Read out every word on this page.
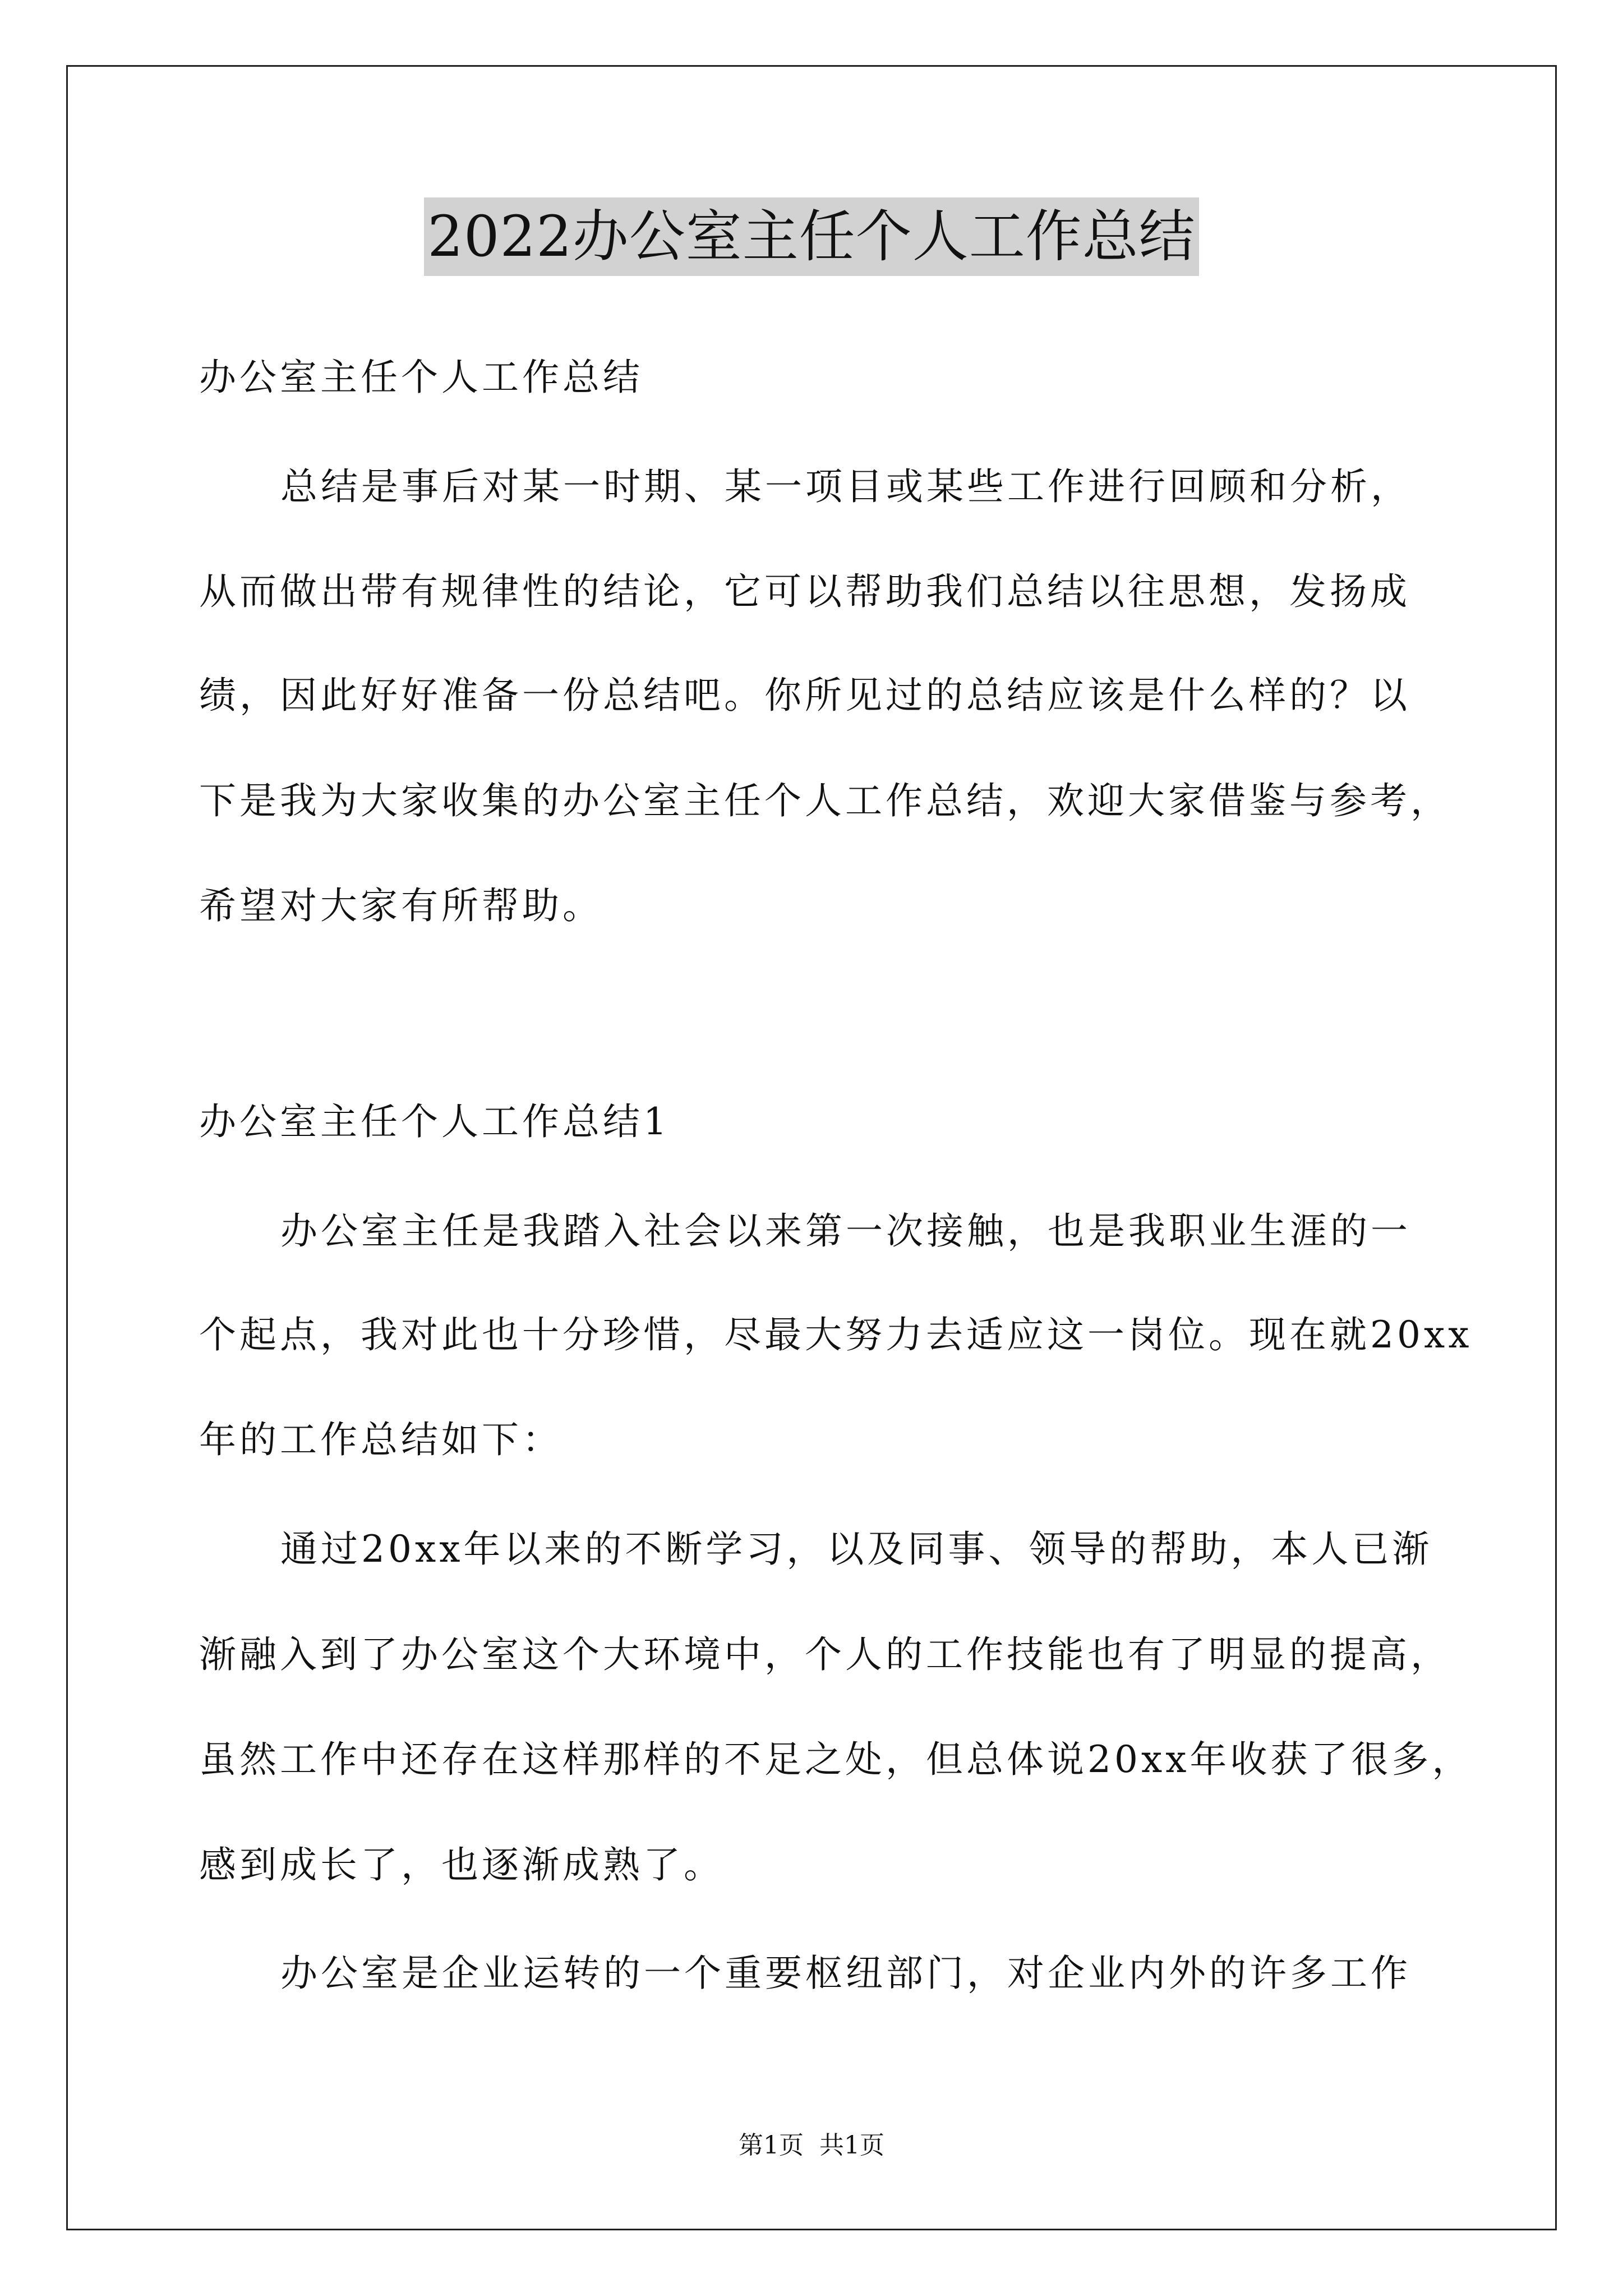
2022办公室主任个人工作总结
办公室主任个人工作总结
总结是事后对某一时期、某一项目或某些工作进行回顾和分析，
从而做出带有规律性的结论，它可以帮助我们总结以往思想，发扬成
绩，因此好好准备一份总结吧。你所见过的总结应该是什么样的？以
下是我为大家收集的办公室主任个人工作总结，欢迎大家借鉴与参考，
希望对大家有所帮助。
办公室主任个人工作总结1
办公室主任是我踏入社会以来第一次接触，也是我职业生涯的一
个起点，我对此也十分珍惜，尽最大努力去适应这一岗位。现在就20xx
年的工作总结如下：
通过20xx年以来的不断学习，以及同事、领导的帮助，本人已渐
渐融入到了办公室这个大环境中，个人的工作技能也有了明显的提高，
虽然工作中还存在这样那样的不足之处，但总体说20xx年收获了很多，
感到成长了，也逐渐成熟了。
办公室是企业运转的一个重要枢纽部门，对企业内外的许多工作
第1页  共1页
